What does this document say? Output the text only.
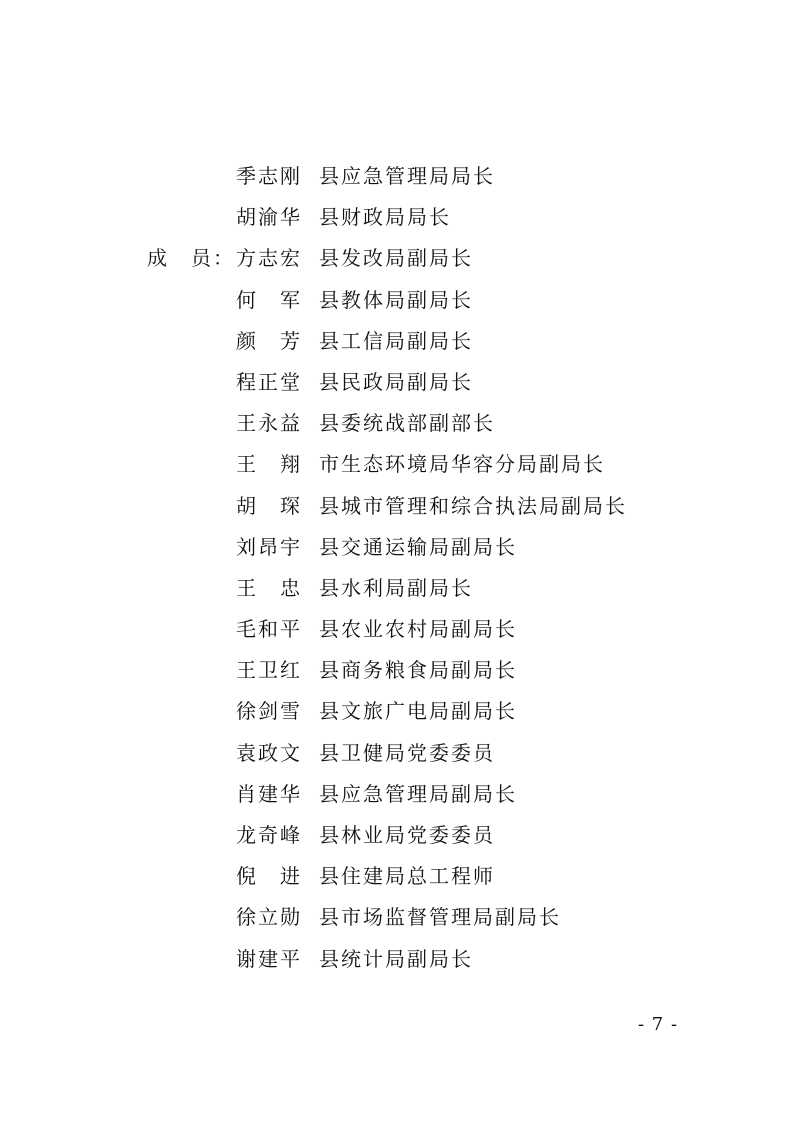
季志刚 县应急管理局局长
胡渝华 县财政局局长
成　员： 方志宏 县发改局副局长
何　军 县教体局副局长
颜　芳 县工信局副局长
程正堂 县民政局副局长
王永益 县委统战部副部长
王　翔 市生态环境局华容分局副局长
胡　琛 县城市管理和综合执法局副局长
刘昂宇 县交通运输局副局长
王　忠 县水利局副局长
毛和平 县农业农村局副局长
王卫红 县商务粮食局副局长
徐剑雪 县文旅广电局副局长
袁政文 县卫健局党委委员
肖建华 县应急管理局副局长
龙奇峰 县林业局党委委员
倪　进 县住建局总工程师
徐立勋 县市场监督管理局副局长
谢建平 县统计局副局长
- 7 -
